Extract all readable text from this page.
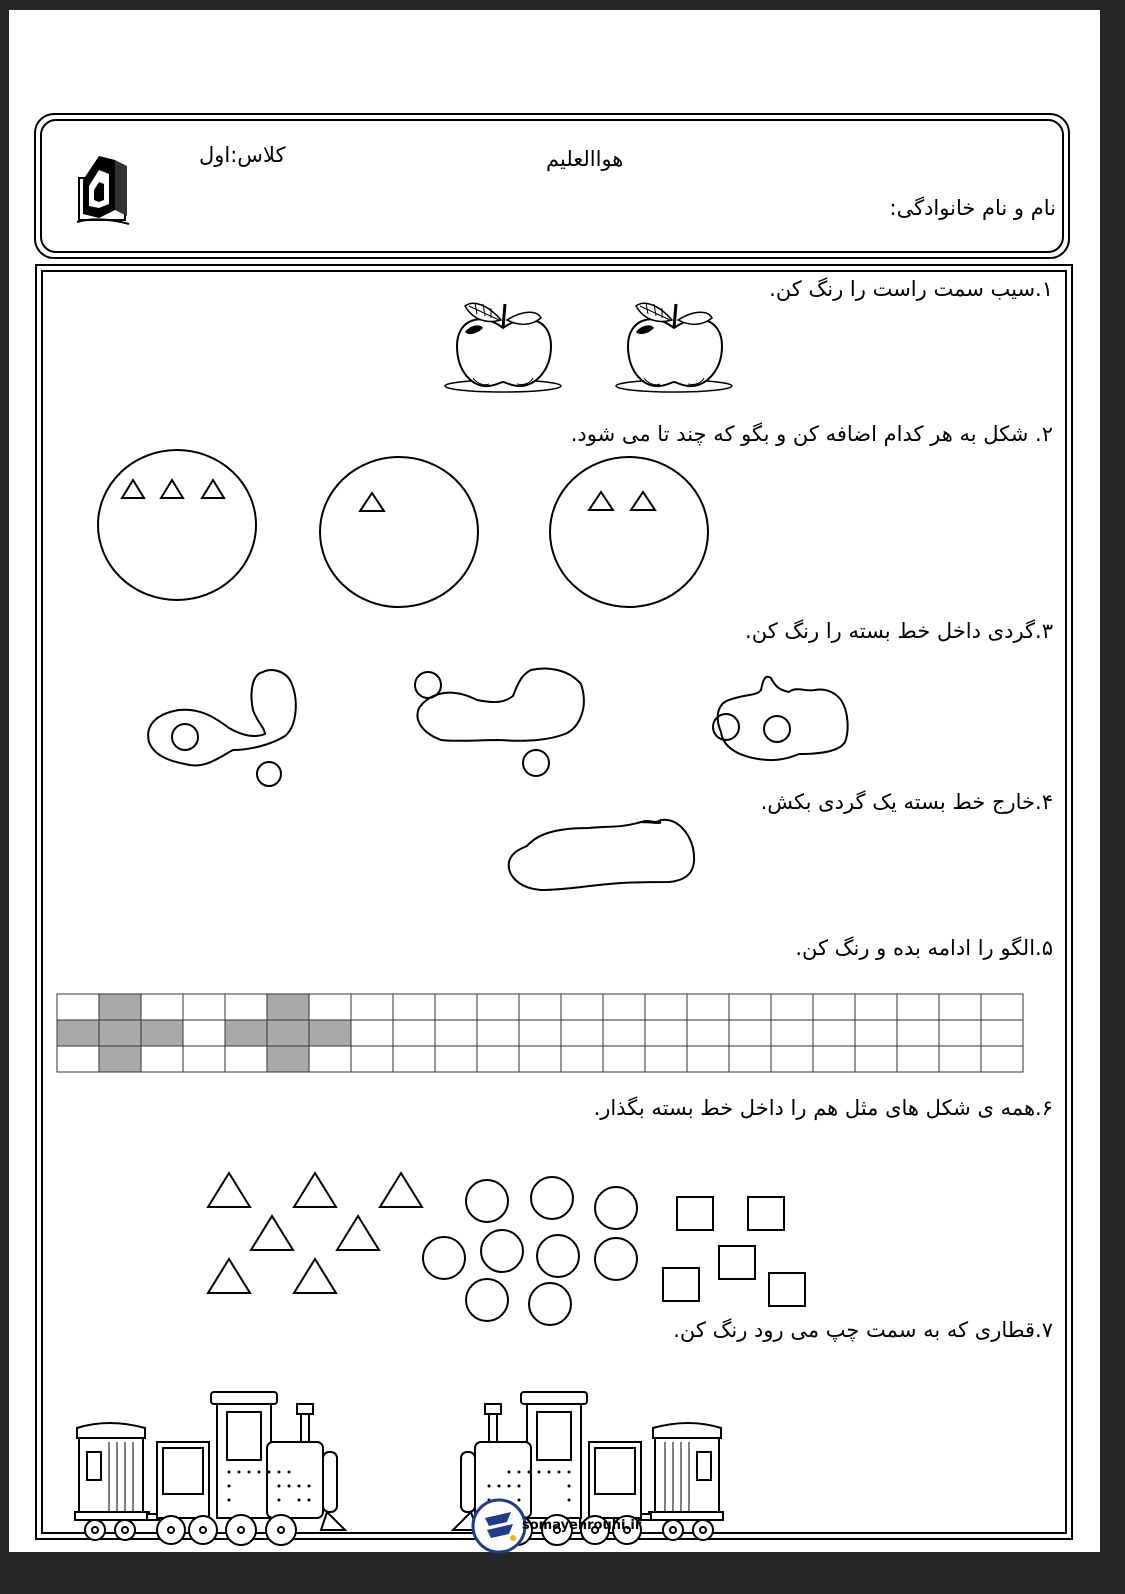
کلاس:اول	هواالعلیم
نام و نام خانوادگی:
۱.سیب سمت راست را رنگ کن.
۲. شکل به هر کدام اضافه کن و بگو که چند تا می شود.
۳.گردی داخل خط بسته را رنگ کن.
۴.خارج خط بسته یک گردی بکش.
۵.الگو را ادامه بده و رنگ کن.
۶.همه ی شکل های مثل هم را داخل خط بسته بگذار.
۷.قطاری که به سمت چپ می رود رنگ کن.
somayehrouhi.ir
